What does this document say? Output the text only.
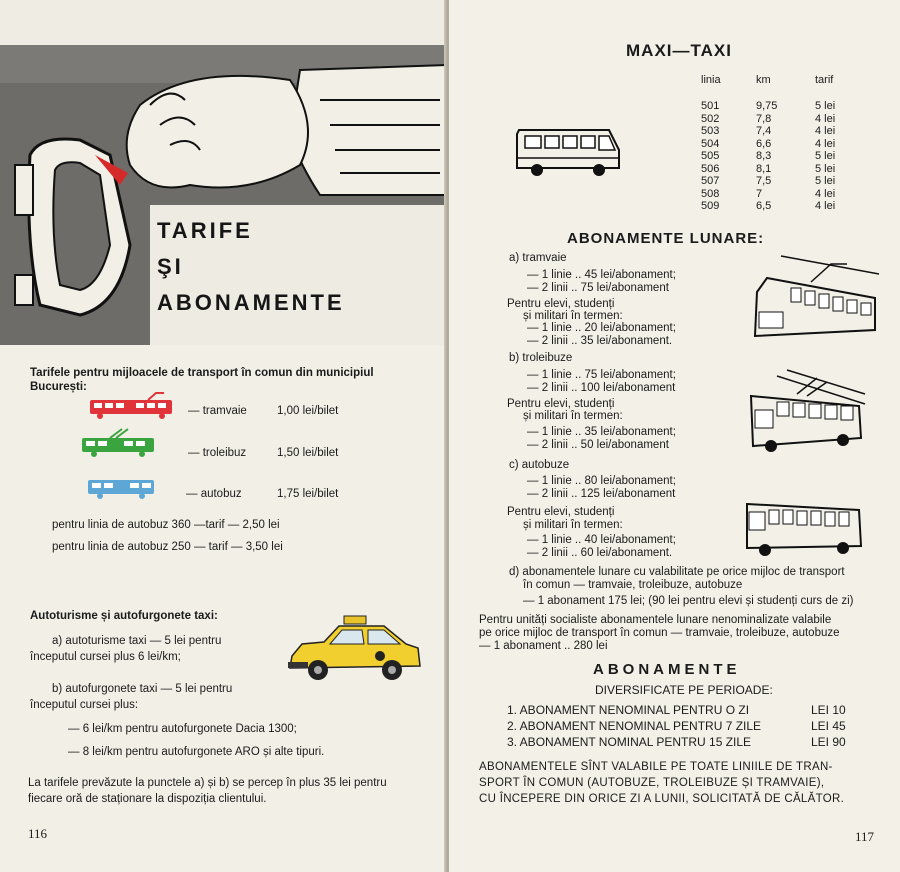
TARIFE
ŞI
ABONAMENTE
Tarifele pentru mijloacele de transport în comun din municipiul București:
— tramvaie	1,00 lei/bilet
— troleibuz	1,50 lei/bilet
— autobuz	1,75 lei/bilet
pentru linia de autobuz 360 —tarif — 2,50 lei
pentru linia de autobuz 250 — tarif — 3,50 lei
Autoturisme și autofurgonete taxi:
a) autoturisme taxi — 5 lei pentru
începutul cursei plus 6 lei/km;
b) autofurgonete taxi — 5 lei pentru
începutul cursei plus:
— 6 lei/km pentru autofurgonete Dacia 1300;
— 8 lei/km pentru autofurgonete ARO și alte tipuri.
La tarifele prevăzute la punctele a) și b) se percep în plus 35 lei pentru
fiecare oră de staționare la dispoziția clientului.
116
MAXI—TAXI
linia	km	tarif
501	9,75	5 lei
502	7,8	4 lei
503	7,4	4 lei
504	6,6	4 lei
505	8,3	5 lei
506	8,1	5 lei
507	7,5	5 lei
508	7	4 lei
509	6,5	4 lei
ABONAMENTE LUNARE:
a) tramvaie
— 1 linie .. 45 lei/abonament;
— 2 linii .. 75 lei/abonament
Pentru elevi, studenți
și militari în termen:
— 1 linie .. 20 lei/abonament;
— 2 linii .. 35 lei/abonament.
b) troleibuze
— 1 linie .. 75 lei/abonament;
— 2 linii .. 100 lei/abonament
Pentru elevi, studenți
și militari în termen:
— 1 linie .. 35 lei/abonament;
— 2 linii .. 50 lei/abonament
c) autobuze
— 1 linie .. 80 lei/abonament;
— 2 linii .. 125 lei/abonament
Pentru elevi, studenți
și militari în termen:
— 1 linie .. 40 lei/abonament;
— 2 linii .. 60 lei/abonament.
d) abonamentele lunare cu valabilitate pe orice mijloc de transport
în comun — tramvaie, troleibuze, autobuze
— 1 abonament 175 lei; (90 lei pentru elevi și studenți curs de zi)
Pentru unități socialiste abonamentele lunare nenominalizate valabile
pe orice mijloc de transport în comun — tramvaie, troleibuze, autobuze
— 1 abonament .. 280 lei
ABONAMENTE
DIVERSIFICATE PE PERIOADE:
1. ABONAMENT NENOMINAL PENTRU O ZI	LEI 10
2. ABONAMENT NENOMINAL PENTRU 7 ZILE	LEI 45
3. ABONAMENT NOMINAL PENTRU 15 ZILE	LEI 90
ABONAMENTELE SÎNT VALABILE PE TOATE LINIILE DE TRAN-
SPORT ÎN COMUN (AUTOBUZE, TROLEIBUZE ȘI TRAMVAIE),
CU ÎNCEPERE DIN ORICE ZI A LUNII, SOLICITATĂ DE CĂLĂTOR.
117
